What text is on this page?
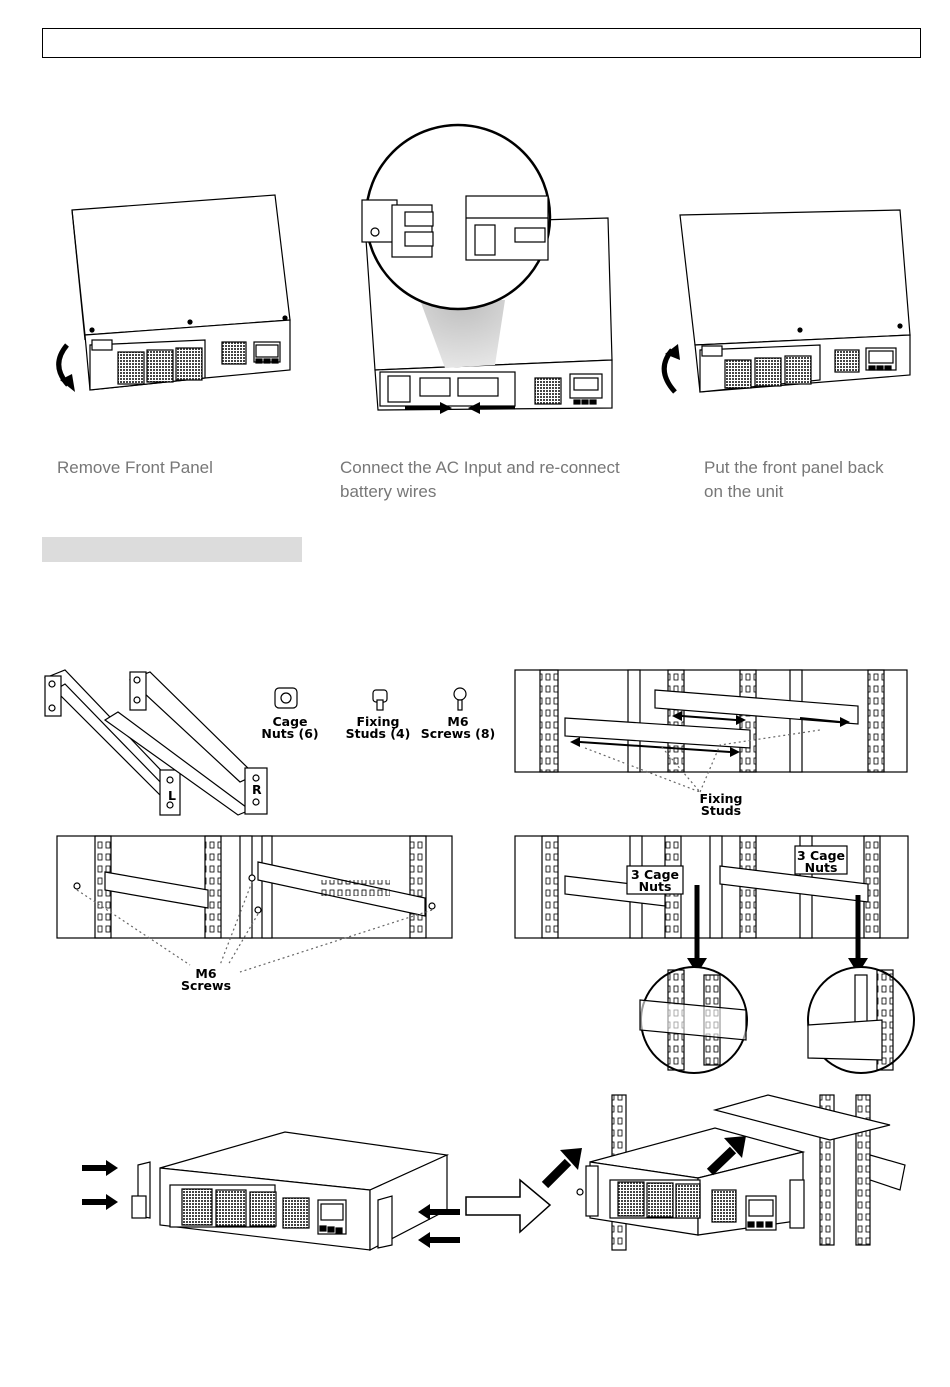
Remove Front Panel	Connect the AC Input and re-connect
battery wires
Put the front panel back
on the unit
L	R
Cage
Nuts (6)
Fixing
Studs (4)
M6
Screws (8)
Fixing
Studs
M6
Screws
3 Cage
Nuts
3 Cage
Nuts
